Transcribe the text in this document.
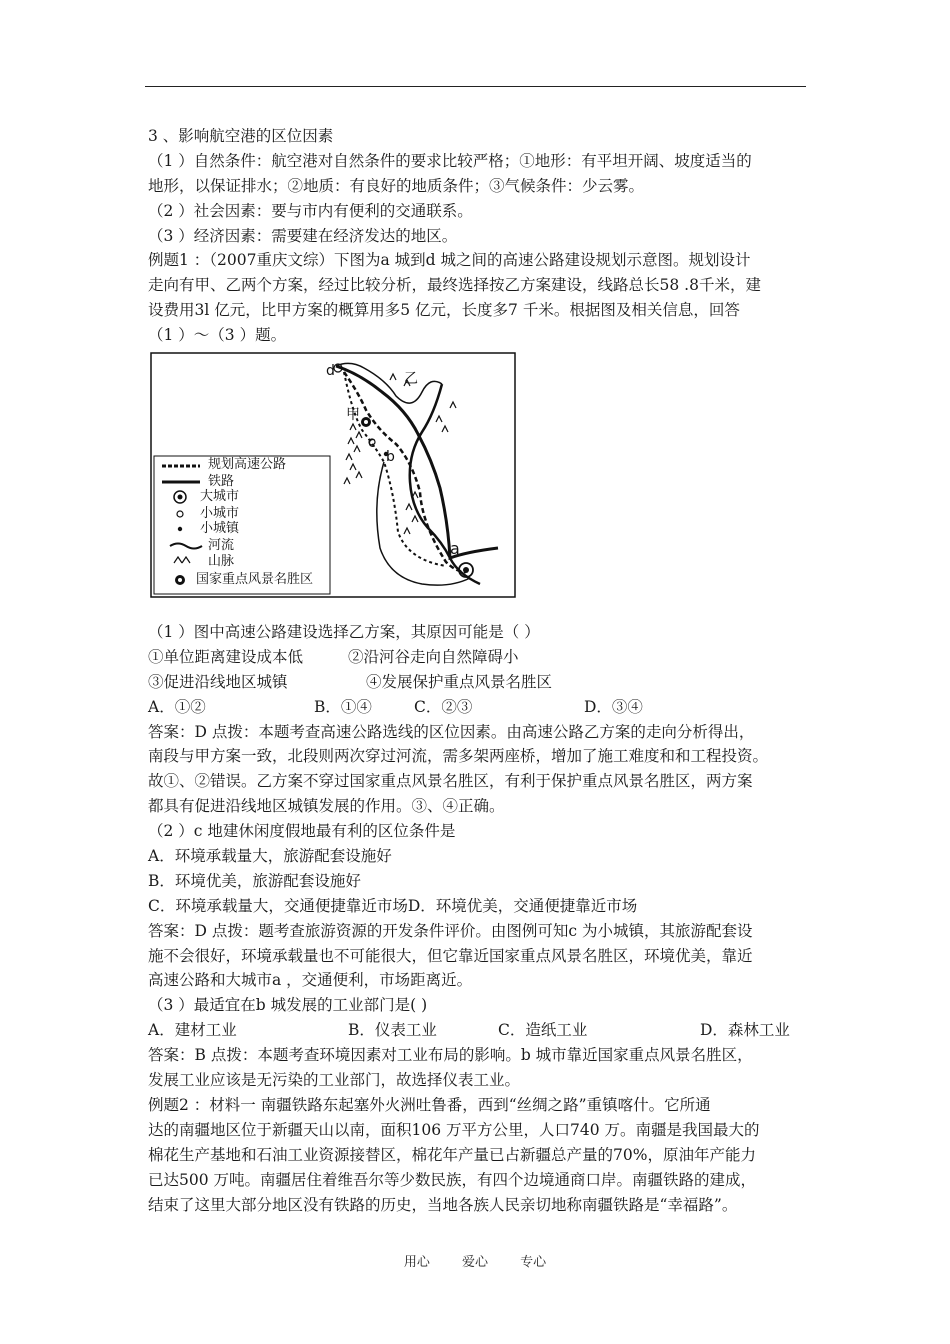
3 、影响航空港的区位因素
（1 ）自然条件：航空港对自然条件的要求比较严格；①地形：有平坦开阔、坡度适当的
地形，以保证排水；②地质：有良好的地质条件；③气候条件：少云雾。
（2 ）社会因素：要与市内有便利的交通联系。
（3 ）经济因素：需要建在经济发达的地区。
例题1 ：（2007重庆文综）下图为a 城到d 城之间的高速公路建设规划示意图。规划设计
走向有甲、乙两个方案，经过比较分析，最终选择按乙方案建设，线路总长58 .8千米，建
设费用3l 亿元，比甲方案的概算用多5 亿元，长度多7 千米。根据图及相关信息，回答
（1 ）～（3 ）题。
规划高速公路
铁路
大城市
小城市
小城镇
河流
山脉
国家重点风景名胜区
d	乙
甲
c
b
a
（1 ）图中高速公路建设选择乙方案，其原因可能是（ ）
①单位距离建设成本低	②沿河谷走向自然障碍小
③促进沿线地区城镇	④发展保护重点风景名胜区
A．①②	B．①④	C．②③	D．③④
答案：D 点拨：本题考查高速公路选线的区位因素。由高速公路乙方案的走向分析得出，
南段与甲方案一致，北段则两次穿过河流，需多架两座桥，增加了施工难度和和工程投资。
故①、②错误。乙方案不穿过国家重点风景名胜区，有利于保护重点风景名胜区，两方案
都具有促进沿线地区城镇发展的作用。③、④正确。
（2 ）c 地建休闲度假地最有利的区位条件是
A．环境承载量大，旅游配套设施好
B．环境优美，旅游配套设施好
C．环境承载量大，交通便捷靠近市场D．环境优美，交通便捷靠近市场
答案：D 点拨：题考查旅游资源的开发条件评价。由图例可知c 为小城镇，其旅游配套设
施不会很好，环境承载量也不可能很大，但它靠近国家重点风景名胜区，环境优美，靠近
高速公路和大城市a ，交通便利，市场距离近。
（3 ）最适宜在b 城发展的工业部门是( )
A．建材工业	B．仪表工业	C．造纸工业	D．森林工业
答案：B 点拨：本题考查环境因素对工业布局的影响。b 城市靠近国家重点风景名胜区，
发展工业应该是无污染的工业部门，故选择仪表工业。
例题2 ：材料一 南疆铁路东起塞外火洲吐鲁番，西到“丝绸之路”重镇喀什。它所通
达的南疆地区位于新疆天山以南，面积106 万平方公里，人口740 万。南疆是我国最大的
棉花生产基地和石油工业资源接替区，棉花年产量已占新疆总产量的70%，原油年产能力
已达500 万吨。南疆居住着维吾尔等少数民族，有四个边境通商口岸。南疆铁路的建成，
结束了这里大部分地区没有铁路的历史，当地各族人民亲切地称南疆铁路是“幸福路”。
用心 爱心 专心
